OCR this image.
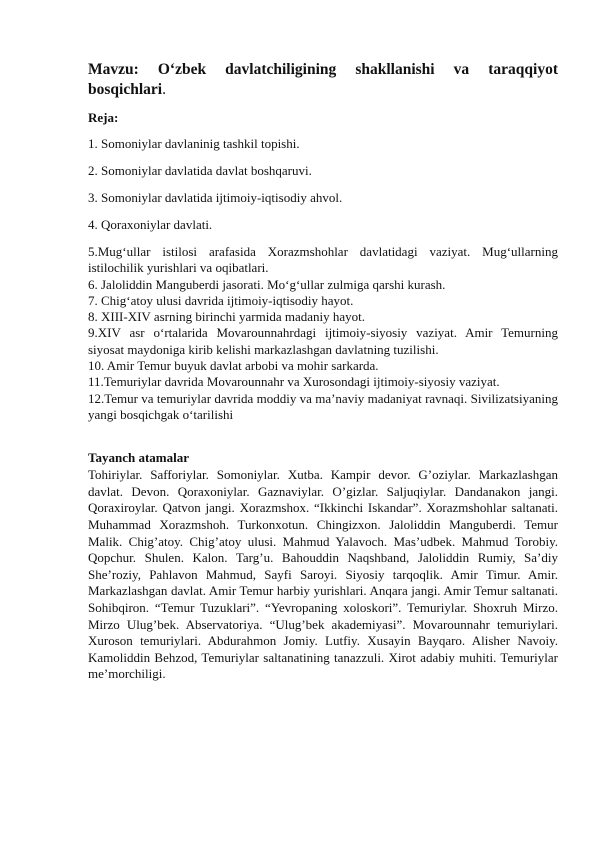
Mavzu: O‘zbek davlatchiligining shakllanishi va taraqqiyot bosqichlari.

Reja:

1. Somoniylar davlaninig tashkil topishi.

2. Somoniylar davlatida davlat boshqaruvi.

3. Somoniylar davlatida ijtimoiy-iqtisodiy ahvol.

4. Qoraxoniylar davlati.

5.Mug‘ullar istilosi arafasida Xorazmshohlar davlatidagi vaziyat. Mug‘ullarning istilochilik yurishlari va oqibatlari.

6. Jaloliddin Manguberdi jasorati. Mo‘g‘ullar zulmiga qarshi kurash.

7. Chig‘atoy ulusi davrida ijtimoiy-iqtisodiy hayot.

8. XIII-XIV asrning birinchi yarmida madaniy hayot.

9.XIV asr o‘rtalarida Movarounnahrdagi ijtimoiy-siyosiy vaziyat. Amir Temurning siyosat maydoniga kirib kelishi markazlashgan davlatning tuzilishi.

10. Amir Temur buyuk davlat arbobi va mohir sarkarda.

11.Temuriylar davrida Movarounnahr va Xurosondagi ijtimoiy-siyosiy vaziyat.

12.Temur va temuriylar davrida moddiy va ma’naviy madaniyat ravnaqi. Sivilizatsiyaning yangi bosqichgak o‘tarilishi

Tayanch atamalar

Tohiriylar. Safforiylar. Somoniylar. Xutba. Kampir devor. G’oziylar. Markazlashgan davlat. Devon. Qoraxoniylar. Gaznaviylar. O’gizlar. Saljuqiylar. Dandanakon jangi. Qoraxiroylar. Qatvon jangi. Xorazmshox. “Ikkinchi Iskandar”. Xorazmshohlar saltanati. Muhammad Xorazmshoh. Turkonxotun. Chingizxon. Jaloliddin Manguberdi. Temur Malik. Chig’atoy. Chig’atoy ulusi. Mahmud Yalavoch. Mas’udbek. Mahmud Torobiy. Qopchur. Shulen. Kalon. Targ’u. Bahouddin Naqshband, Jaloliddin Rumiy, Sa’diy She’roziy, Pahlavon Mahmud, Sayfi Saroyi. Siyosiy tarqoqlik. Amir Timur. Amir. Markazlashgan davlat. Amir Temur harbiy yurishlari. Anqara jangi. Amir Temur saltanati. Sohibqiron. “Temur Tuzuklari”. “Yevropaning xoloskori”. Temuriylar. Shoxruh Mirzo. Mirzo Ulug’bek. Abservatoriya. “Ulug’bek akademiyasi”. Movarounnahr temuriylari. Xuroson temuriylari. Abdurahmon Jomiy. Lutfiy. Xusayin Bayqaro. Alisher Navoiy. Kamoliddin Behzod, Temuriylar saltanatining tanazzuli. Xirot adabiy muhiti. Temuriylar me’morchiligi.
